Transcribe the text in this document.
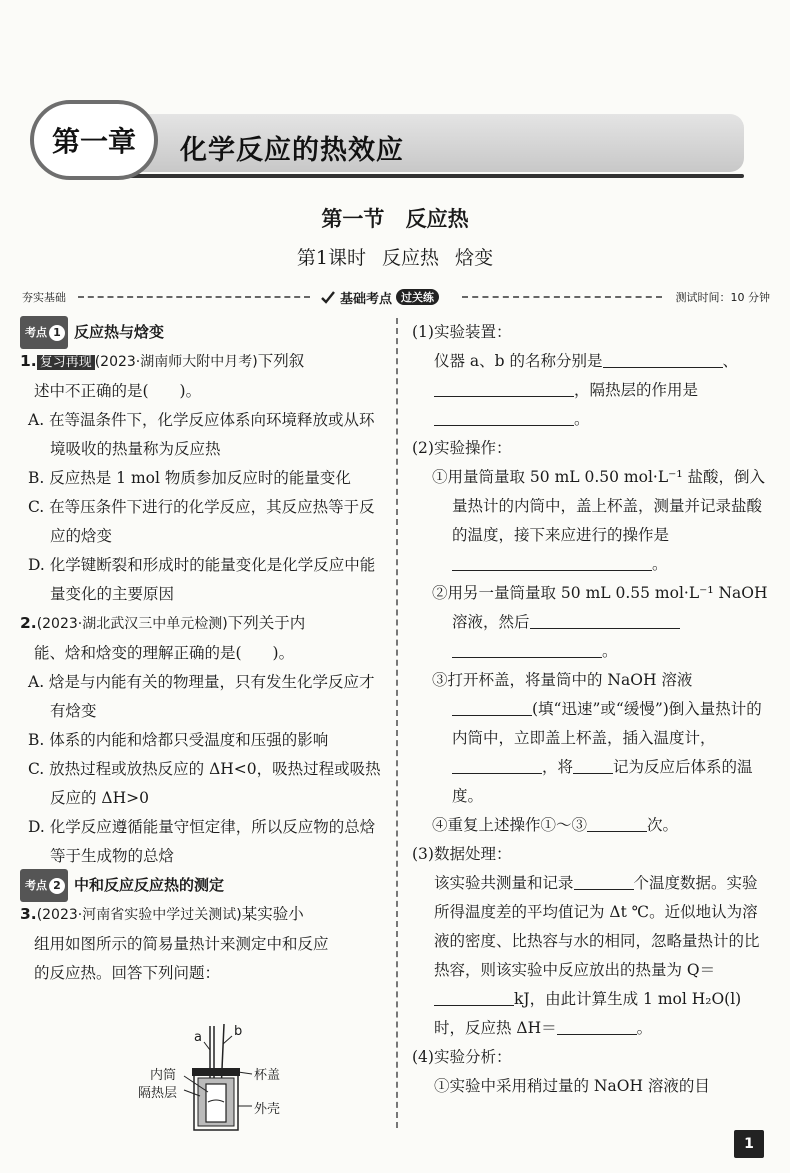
第一章	化学反应的热效应
第一节 反应热
第1课时 反应热 焓变
夯实基础	基础考点 过关练	测试时间：10 分钟
考点 1 反应热与焓变

1. 复习再现 (2023·湖南师大附中月考)下列叙

述中不正确的是(　　)。

A. 在等温条件下，化学反应体系向环境释放或从环境吸收的热量称为反应热

B. 反应热是 1 mol 物质参加反应时的能量变化

C. 在等压条件下进行的化学反应，其反应热等于反应的焓变

D. 化学键断裂和形成时的能量变化是化学反应中能量变化的主要原因

2.(2023·湖北武汉三中单元检测)下列关于内

能、焓和焓变的理解正确的是(　　)。

A. 焓是与内能有关的物理量，只有发生化学反应才有焓变

B. 体系的内能和焓都只受温度和压强的影响

C. 放热过程或放热反应的 ΔH<0，吸热过程或吸热反应的 ΔH>0

D. 化学反应遵循能量守恒定律，所以反应物的总焓等于生成物的总焓

考点 2 中和反应反应热的测定

3.(2023·河南省实验中学过关测试)某实验小

组用如图所示的简易量热计来测定中和反应

的反应热。回答下列问题：

a b
内筒
隔热层
杯盖
外壳

(1)实验装置：

仪器 a、b 的名称分别是	、
，隔热层的作用是
。

(2)实验操作：

①用量筒量取 50 mL 0.50 mol·L⁻¹ 盐酸，倒入量热计的内筒中，盖上杯盖，测量并记录盐酸的温度，接下来应进行的操作是。

②用另一量筒量取 50 mL 0.55 mol·L⁻¹ NaOH 溶液，然后
。

③打开杯盖，将量筒中的 NaOH 溶液
(填“迅速”或“缓慢”)倒入量热计的内筒中，立即盖上杯盖，插入温度计，
，将	记为反应后体系的温度。

④重复上述操作①～③	次。

(3)数据处理：

该实验共测量和记录	个温度数据。实验所得温度差的平均值记为 Δt ℃。近似地认为溶液的密度、比热容与水的相同，忽略量热计的比热容，则该实验中反应放出的热量为 Q＝kJ，由此计算生成 1 mol H₂O(l)时，反应热 ΔH＝	。

(4)实验分析：

①实验中采用稍过量的 NaOH 溶液的目

1
